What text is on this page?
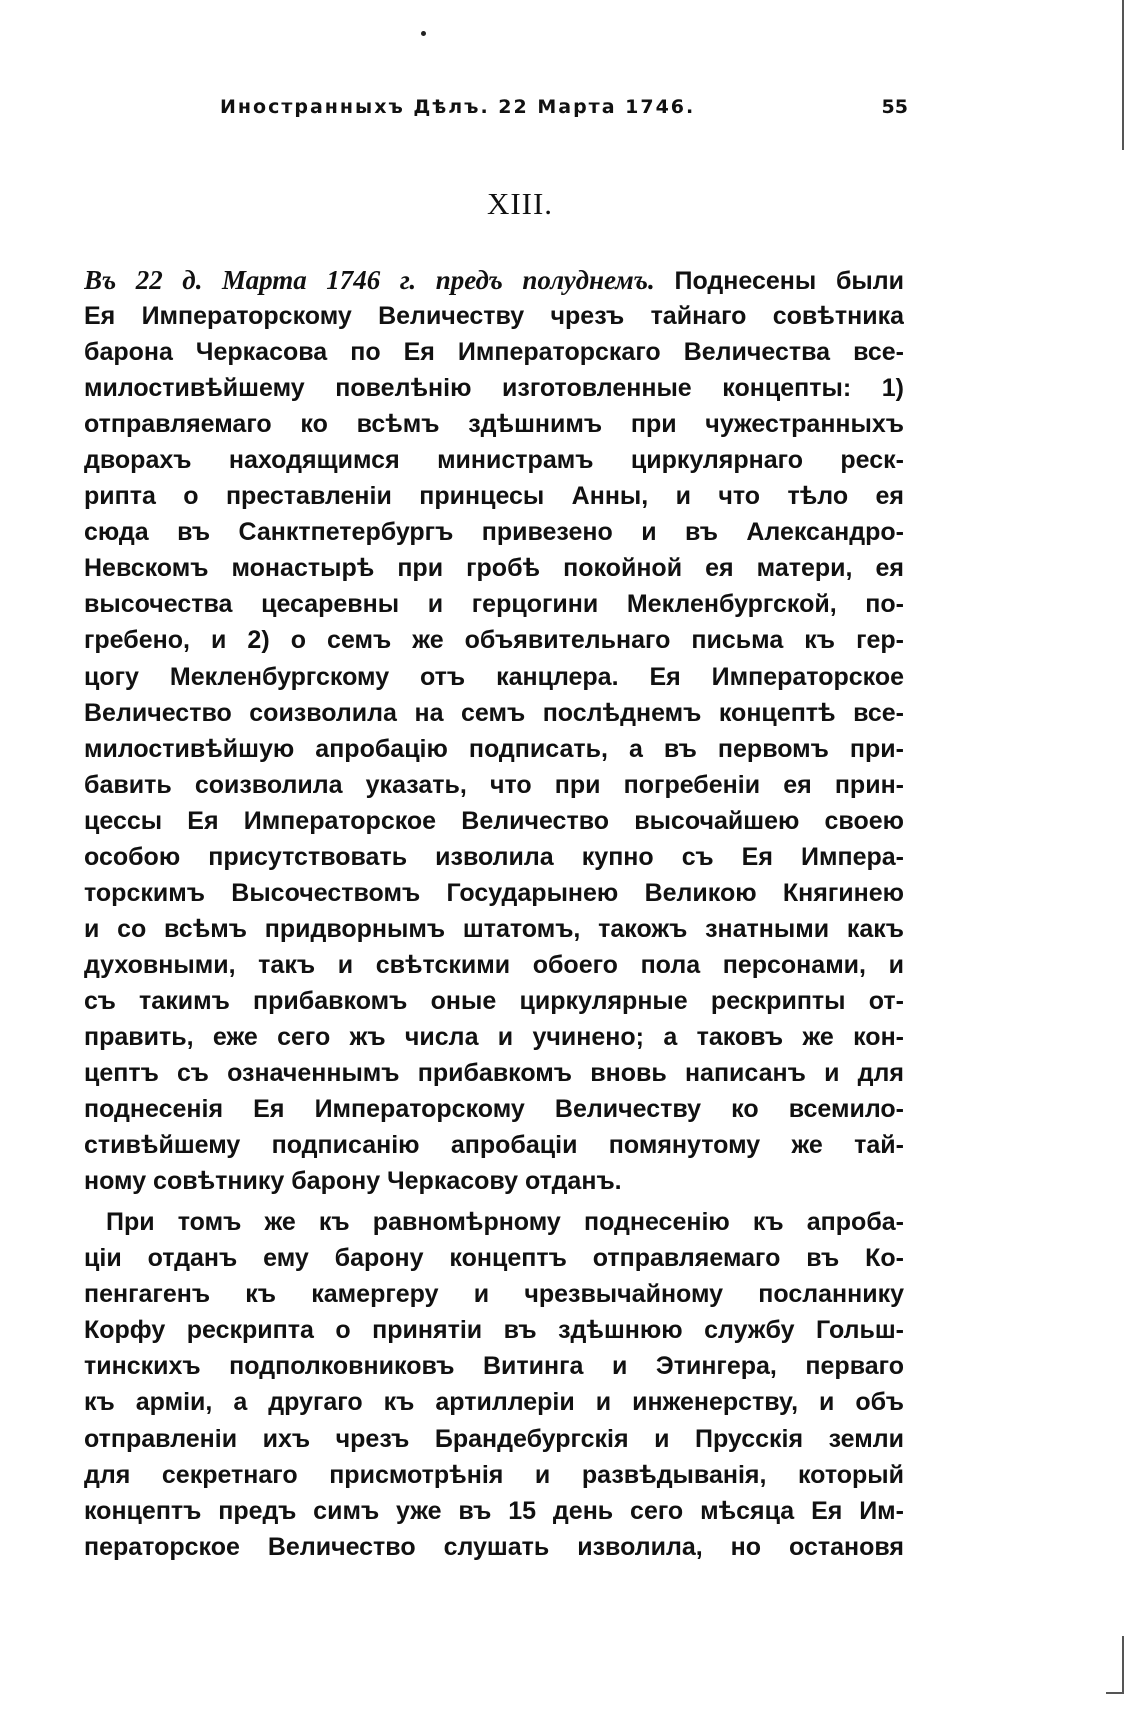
Иностранныхъ Дѣлъ. 22 Марта 1746.	55
XIII.
Въ 22 д. Марта 1746 г. предъ полуднемъ. Поднесены были
Ея Императорскому Величеству чрезъ тайнаго совѣтника
барона Черкасова по Ея Императорскаго Величества все-
милостивѣйшему повелѣнію изготовленные концепты: 1)
отправляемаго ко всѣмъ здѣшнимъ при чужестранныхъ
дворахъ находящимся министрамъ циркулярнаго реск-
рипта о преставленіи принцесы Анны, и что тѣло ея
сюда въ Санктпетербургъ привезено и въ Александро-
Невскомъ монастырѣ при гробѣ покойной ея матери, ея
высочества цесаревны и герцогини Мекленбургской, по-
гребено, и 2) о семъ же объявительнаго письма къ гер-
цогу Мекленбургскому отъ канцлера. Ея Императорское
Величество соизволила на семъ послѣднемъ концептѣ все-
милостивѣйшую апробацію подписать, а въ первомъ при-
бавить соизволила указать, что при погребеніи ея прин-
цессы Ея Императорское Величество высочайшею своею
особою присутствовать изволила купно съ Ея Импера-
торскимъ Высочествомъ Государынею Великою Княгинею
и со всѣмъ придворнымъ штатомъ, такожъ знатными какъ
духовными, такъ и свѣтскими обоего пола персонами, и
съ такимъ прибавкомъ оные циркулярные рескрипты от-
править, еже сего жъ числа и учинено; а таковъ же кон-
цептъ съ означеннымъ прибавкомъ вновь написанъ и для
поднесенія Ея Императорскому Величеству ко всемило-
стивѣйшему подписанію апробаціи помянутому же тай-
ному совѣтнику барону Черкасову отданъ.
При томъ же къ равномѣрному поднесенію къ апроба-
ціи отданъ ему барону концептъ отправляемаго въ Ко-
пенгагенъ къ камергеру и чрезвычайному посланнику
Корфу рескрипта о принятіи въ здѣшнюю службу Гольш-
тинскихъ подполковниковъ Витинга и Этингера, перваго
къ арміи, а другаго къ артиллеріи и инженерству, и объ
отправленіи ихъ чрезъ Брандебургскія и Прусскія земли
для секретнаго присмотрѣнія и развѣдыванія, который
концептъ предъ симъ уже въ 15 день сего мѣсяца Ея Им-
ператорское Величество слушать изволила, но остановя
